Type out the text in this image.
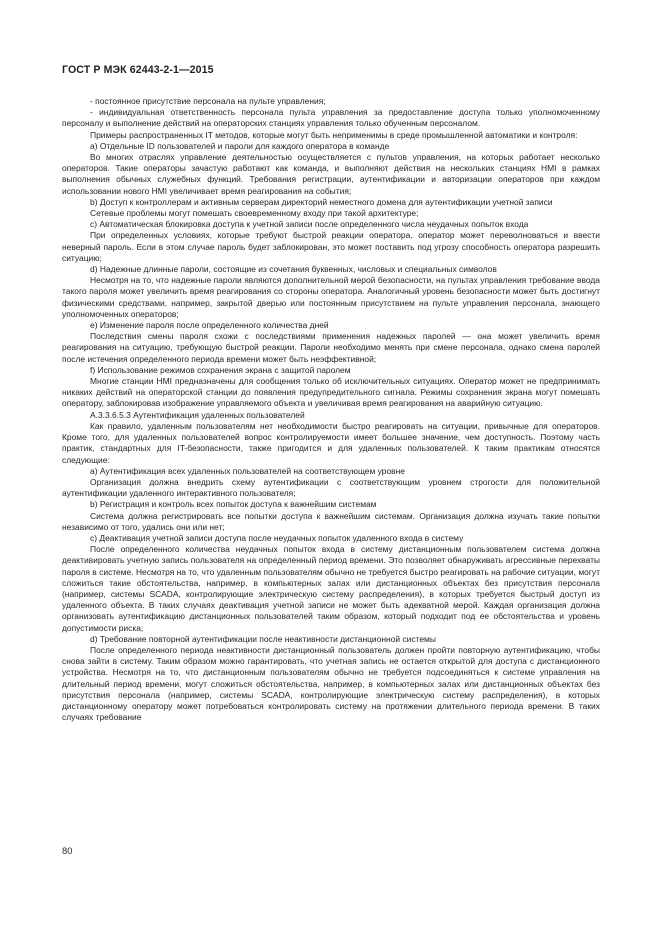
ГОСТ Р МЭК 62443-2-1—2015

- постоянное присутствие персонала на пульте управления;

- индивидуальная ответственность персонала пульта управления за предоставление доступа только уполномоченному персоналу и выполнение действий на операторских станциях управления только обученным персоналом.

Примеры распространенных IT методов, которые могут быть неприменимы в среде промышленной автоматики и контроля:

a) Отдельные ID пользователей и пароли для каждого оператора в команде

Во многих отраслях управление деятельностью осуществляется с пультов управления, на которых работает несколько операторов. Такие операторы зачастую работают как команда, и выполняют действия на нескольких станциях HMI в рамках выполнения обычных служебных функций. Требования регистрации, аутентификации и авторизации операторов при каждом использовании нового HMI увеличивает время реагирования на события;

b) Доступ к контроллерам и активным серверам директорий неместного домена для аутентификации учетной записи

Сетевые проблемы могут помешать своевременному входу при такой архитектуре;

c) Автоматическая блокировка доступа к учетной записи после определенного числа неудачных попыток входа

При определенных условиях, которые требуют быстрой реакции оператора, оператор может переволноваться и ввести неверный пароль. Если в этом случае пароль будет заблокирован, это может поставить под угрозу способность оператора разрешить ситуацию;

d) Надежные длинные пароли, состоящие из сочетания буквенных, числовых и специальных символов

Несмотря на то, что надежные пароли являются дополнительной мерой безопасности, на пультах управления требование ввода такого пароля может увеличить время реагирования со стороны оператора. Аналогичный уровень безопасности может быть достигнут физическими средствами, например, закрытой дверью или постоянным присутствием на пульте управления персонала, знающего уполномоченных операторов;

e) Изменение пароля после определенного количества дней

Последствия смены пароля схожи с последствиями применения надежных паролей — она может увеличить время реагирования на ситуацию, требующую быстрой реакции. Пароли необходимо менять при смене персонала, однако смена паролей после истечения определенного периода времени может быть неэффективной;

f) Использование режимов сохранения экрана с защитой паролем

Многие станции HMI предназначены для сообщения только об исключительных ситуациях. Оператор может не предпринимать никаких действий на операторской станции до появления предупредительного сигнала. Режимы сохранения экрана могут помешать оператору, заблокировав изображение управляемого объекта и увеличивая время реагирования на аварийную ситуацию.

A.3.3.6.5.3 Аутентификация удаленных пользователей

Как правило, удаленным пользователям нет необходимости быстро реагировать на ситуации, привычные для операторов. Кроме того, для удаленных пользователей вопрос контролируемости имеет большее значение, чем доступность. Поэтому часть практик, стандартных для IT-безопасности, также пригодится и для удаленных пользователей. К таким практикам относятся следующие:

a) Аутентификация всех удаленных пользователей на соответствующем уровне

Организация должна внедрить схему аутентификации с соответствующим уровнем строгости для положительной аутентификации удаленного интерактивного пользователя;

b) Регистрация и контроль всех попыток доступа к важнейшим системам

Система должна регистрировать все попытки доступа к важнейшим системам. Организация должна изучать такие попытки независимо от того, удались они или нет;

c) Деактивация учетной записи доступа после неудачных попыток удаленного входа в систему

После определенного количества неудачных попыток входа в систему дистанционным пользователем система должна деактивировать учетную запись пользователя на определенный период времени. Это позволяет обнаруживать агрессивные перехваты пароля в системе. Несмотря на то, что удаленным пользователям обычно не требуется быстро реагировать на рабочие ситуации, могут сложиться такие обстоятельства, например, в компьютерных залах или дистанционных объектах без присутствия персонала (например, системы SCADA, контролирующие электрическую систему распределения), в которых требуется быстрый доступ из удаленного объекта. В таких случаях деактивация учетной записи не может быть адекватной мерой. Каждая организация должна организовать аутентификацию дистанционных пользователей таким образом, который подходит под ее обстоятельства и уровень допустимости риска;

d) Требование повторной аутентификации после неактивности дистанционной системы

После определенного периода неактивности дистанционный пользователь должен пройти повторную аутентификацию, чтобы снова зайти в систему. Таким образом можно гарантировать, что учетная запись не остается открытой для доступа с дистанционного устройства. Несмотря на то, что дистанционным пользователям обычно не требуется подсоединяться к системе управления на длительный период времени, могут сложиться обстоятельства, например, в компьютерных залах или дистанционных объектах без присутствия персонала (например, системы SCADA, контролирующие электрическую систему распределения), в которых дистанционному оператору может потребоваться контролировать систему на протяжении длительного периода времени. В таких случаях требование

80
